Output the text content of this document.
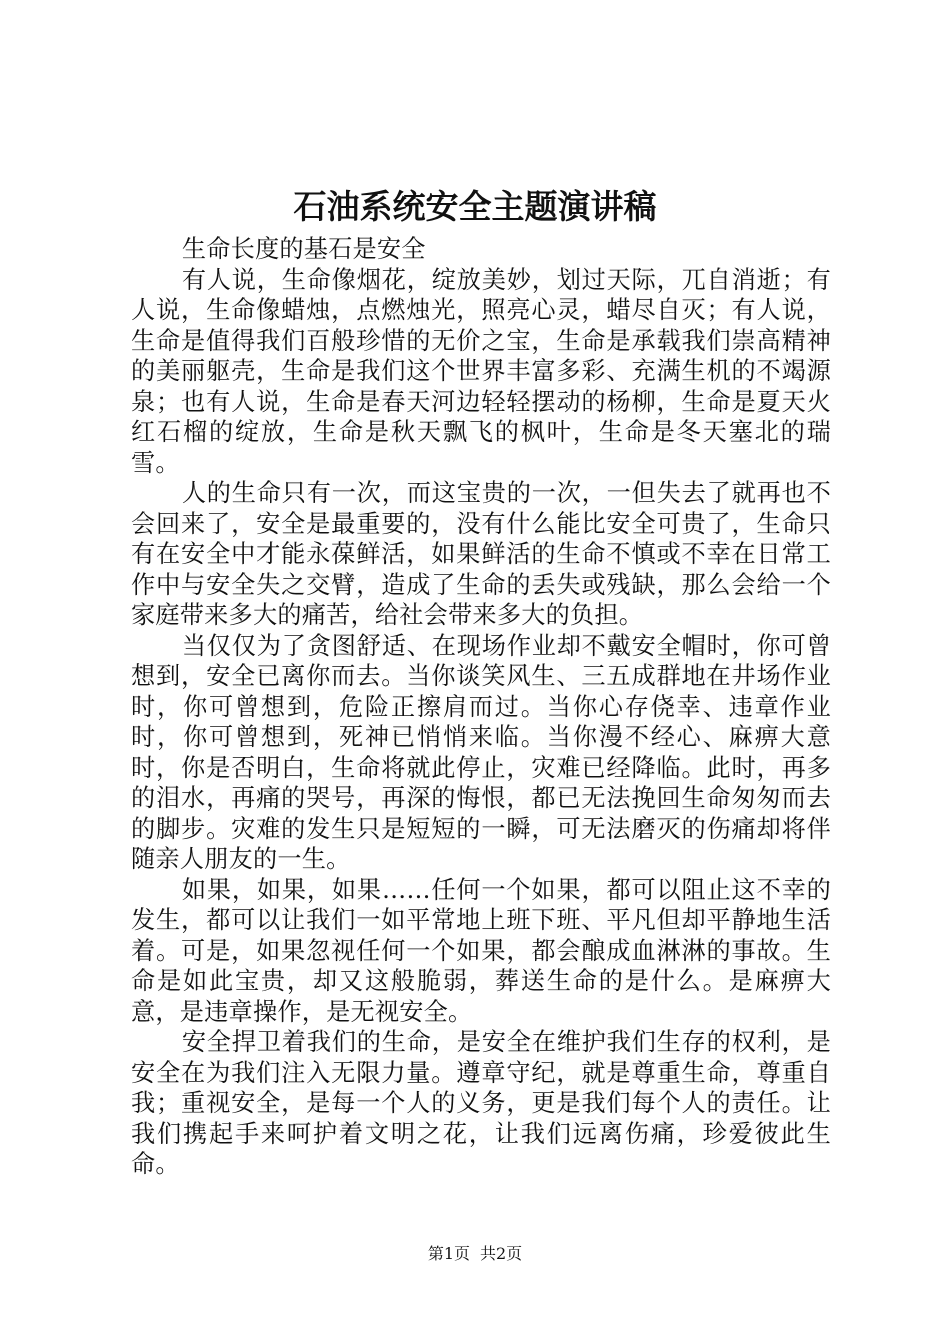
石油系统安全主题演讲稿

生命长度的基石是安全

有人说，生命像烟花，绽放美妙，划过天际，兀自消逝；有人说，生命像蜡烛，点燃烛光，照亮心灵，蜡尽自灭；有人说，生命是值得我们百般珍惜的无价之宝，生命是承载我们崇高精神的美丽躯壳，生命是我们这个世界丰富多彩、充满生机的不竭源泉；也有人说，生命是春天河边轻轻摆动的杨柳，生命是夏天火红石榴的绽放，生命是秋天飘飞的枫叶，生命是冬天塞北的瑞雪。

人的生命只有一次，而这宝贵的一次，一但失去了就再也不会回来了，安全是最重要的，没有什么能比安全可贵了，生命只有在安全中才能永葆鲜活，如果鲜活的生命不慎或不幸在日常工作中与安全失之交臂，造成了生命的丢失或残缺，那么会给一个家庭带来多大的痛苦，给社会带来多大的负担。

当仅仅为了贪图舒适、在现场作业却不戴安全帽时，你可曾想到，安全已离你而去。当你谈笑风生、三五成群地在井场作业时，你可曾想到，危险正擦肩而过。当你心存侥幸、违章作业时，你可曾想到，死神已悄悄来临。当你漫不经心、麻痹大意时，你是否明白，生命将就此停止，灾难已经降临。此时，再多的泪水，再痛的哭号，再深的悔恨，都已无法挽回生命匆匆而去的脚步。灾难的发生只是短短的一瞬，可无法磨灭的伤痛却将伴随亲人朋友的一生。

如果，如果，如果……任何一个如果，都可以阻止这不幸的发生，都可以让我们一如平常地上班下班、平凡但却平静地生活着。可是，如果忽视任何一个如果，都会酿成血淋淋的事故。生命是如此宝贵，却又这般脆弱，葬送生命的是什么。是麻痹大意，是违章操作，是无视安全。

安全捍卫着我们的生命，是安全在维护我们生存的权利，是安全在为我们注入无限力量。遵章守纪，就是尊重生命，尊重自我；重视安全，是每一个人的义务，更是我们每个人的责任。让我们携起手来呵护着文明之花，让我们远离伤痛，珍爱彼此生命。

第1页 共2页
